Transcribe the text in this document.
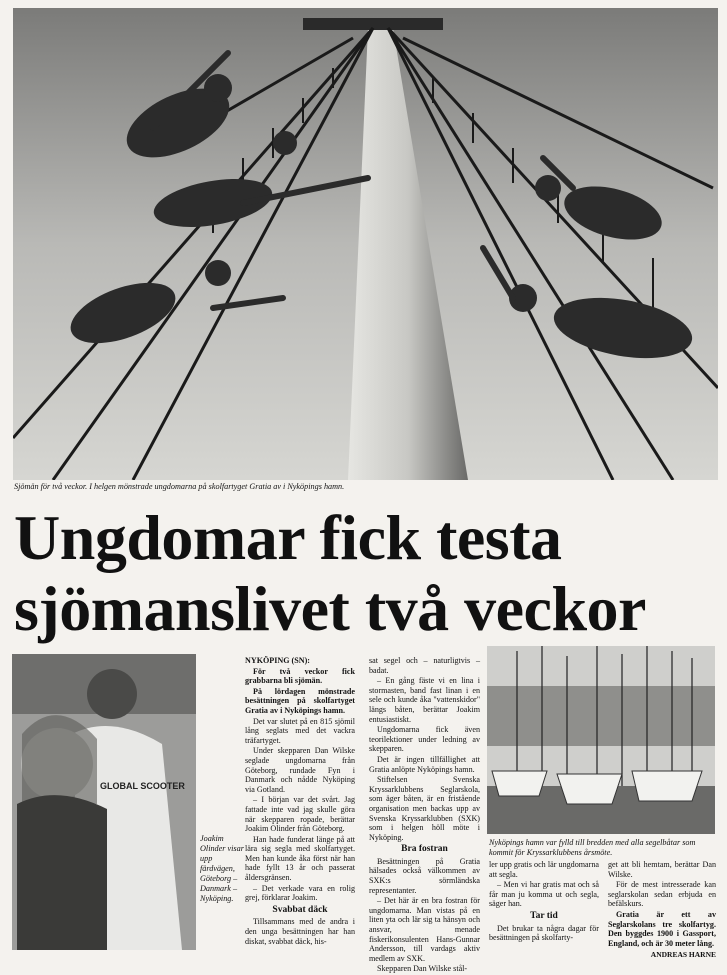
Sjömän för två veckor. I helgen mönstrade ungdomarna på skolfartyget Gratia av i Nyköpings hamn.
Ungdomar fick testa
sjömanslivet två veckor
GLOBAL SCOOTER
Joakim Olinder visar upp färdvägen, Göteborg – Danmark – Nyköping.
Nyköpings hamn var fylld till bredden med alla segelbåtar som kommit för Kryssarklubbens årsmöte.

NYKÖPING (SN):

För två veckor fick grabbarna bli sjömän.

På lördagen mönstrade besättningen på skolfartyget Gratia av i Nyköpings hamn.

Det var slutet på en 815 sjömil lång seglats med det vackra träfartyget.

Under skepparen Dan Wilske seglade ungdomarna från Göteborg, rundade Fyn i Danmark och nådde Nyköping via Gotland.

– I början var det svårt. Jag fattade inte vad jag skulle göra när skepparen ropade, berättar Joakim Olinder från Göteborg.

Han hade funderat länge på att lära sig segla med skolfartyget. Men han kunde åka först när han hade fyllt 13 år och passerat åldersgränsen.

– Det verkade vara en rolig grej, förklarar Joakim.

Svabbat däck

Tillsammans med de andra i den unga besättningen har han diskat, svabbat däck, his-

sat segel och – naturligtvis – badat.

– En gång fäste vi en lina i stormasten, band fast linan i en sele och kunde åka "vattenskidor" längs båten, berättar Joakim entusiastiskt.

Ungdomarna fick även teorilektioner under ledning av skepparen.

Det är ingen tillfällighet att Gratia anlöpte Nyköpings hamn.

Stiftelsen Svenska Kryssarklubbens Seglarskola, som äger båten, är en fristående organisation men backas upp av Svenska Kryssarklubben (SXK) som i helgen höll möte i Nyköping.

Bra fostran

Besättningen på Gratia hälsades också välkommen av SXK:s sörmländska representanter.

– Det här är en bra fostran för ungdomarna. Man vistas på en liten yta och lär sig ta hänsyn och ansvar, menade fiskerikonsulenten Hans-Gunnar Andersson, till vardags aktiv medlem av SXK.

Skepparen Dan Wilske stål-

ler upp gratis och lär ungdomarna att segla.

– Men vi har gratis mat och så får man ju komma ut och segla, säger han.

Tar tid

Det brukar ta några dagar för besättningen på skolfarty-

get att bli hemtam, berättar Dan Wilske.

För de mest intresserade kan seglarskolan sedan erbjuda en befälskurs.

Gratia är ett av Seglarskolans tre skolfartyg. Den byggdes 1900 i Gassport, England, och är 30 meter lång.

ANDREAS HARNE
